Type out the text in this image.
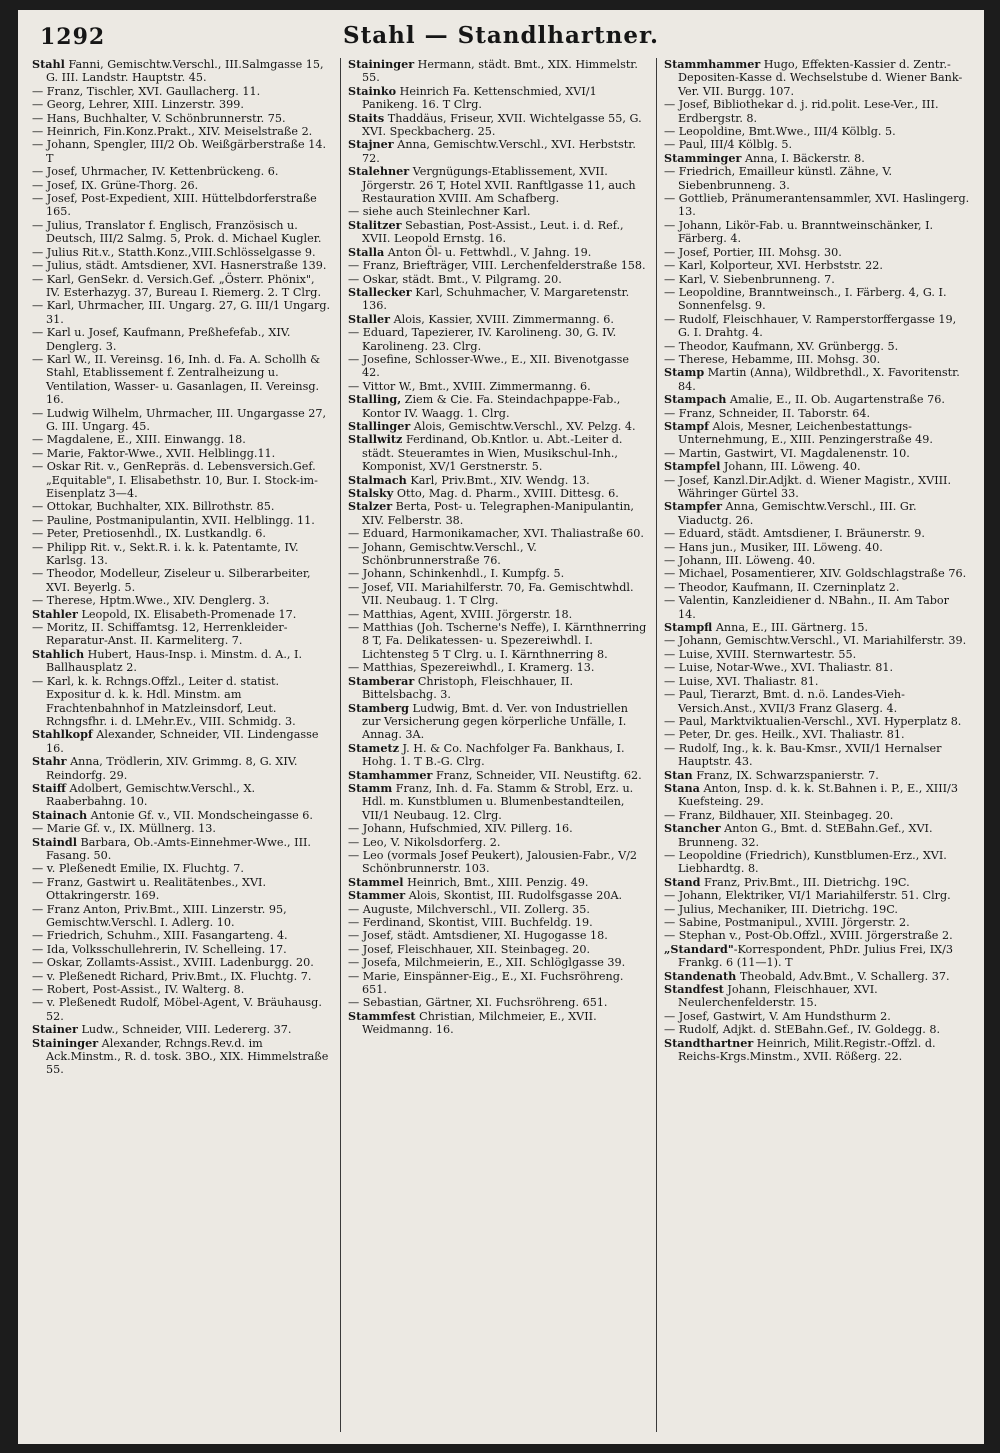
1292	Stahl — Standlhartner.

Stahl Fanni, Gemischtw.Verschl., III.Salmgasse 15, G. III. Landstr. Hauptstr. 45.

— Franz, Tischler, XVI. Gaullacherg. 11.

— Georg, Lehrer, XIII. Linzerstr. 399.

— Hans, Buchhalter, V. Schönbrunnerstr. 75.

— Heinrich, Fin.Konz.Prakt., XIV. Meiselstraße 2.

— Johann, Spengler, III/2 Ob. Weißgärberstraße 14. T

— Josef, Uhrmacher, IV. Kettenbrückeng. 6.

— Josef, IX. Grüne-Thorg. 26.

— Josef, Post-Expedient, XIII. Hüttelbdorferstraße 165.

— Julius, Translator f. Englisch, Französisch u. Deutsch, III/2 Salmg. 5, Prok. d. Michael Kugler.

— Julius Rit.v., Statth.Konz.,VIII.Schlösselgasse 9.

— Julius, städt. Amtsdiener, XVI. Hasnerstraße 139.

— Karl, GenSekr. d. Versich.Gef. „Österr. Phönix", IV. Esterhazyg. 37, Bureau I. Riemerg. 2. T Clrg.

— Karl, Uhrmacher, III. Ungarg. 27, G. III/1 Ungarg. 31.

— Karl u. Josef, Kaufmann, Preßhefefab., XIV. Denglerg. 3.

— Karl W., II. Vereinsg. 16, Inh. d. Fa. A. Schollh & Stahl, Etablissement f. Zentralheizung u. Ventilation, Wasser- u. Gasanlagen, II. Vereinsg. 16.

— Ludwig Wilhelm, Uhrmacher, III. Ungargasse 27, G. III. Ungarg. 45.

— Magdalene, E., XIII. Einwangg. 18.

— Marie, Faktor-Wwe., XVII. Helblingg.11.

— Oskar Rit. v., GenRepräs. d. Lebensversich.Gef. „Equitable", I. Elisabethstr. 10, Bur. I. Stock-im-Eisenplatz 3—4.

— Ottokar, Buchhalter, XIX. Billrothstr. 85.

— Pauline, Postmanipulantin, XVII. Helblingg. 11.

— Peter, Pretiosenhdl., IX. Lustkandlg. 6.

— Philipp Rit. v., Sekt.R. i. k. k. Patentamte, IV. Karlsg. 13.

— Theodor, Modelleur, Ziseleur u. Silberarbeiter, XVI. Beyerlg. 5.

— Therese, Hptm.Wwe., XIV. Denglerg. 3.

Stahler Leopold, IX. Elisabeth-Promenade 17.

— Moritz, II. Schiffamtsg. 12, Herrenkleider-Reparatur-Anst. II. Karmeliterg. 7.

Stahlich Hubert, Haus-Insp. i. Minstm. d. A., I. Ballhausplatz 2.

— Karl, k. k. Rchngs.Offzl., Leiter d. statist. Expositur d. k. k. Hdl. Minstm. am Frachtenbahnhof in Matzleinsdorf, Leut. Rchngsfhr. i. d. LMehr.Ev., VIII. Schmidg. 3.

Stahlkopf Alexander, Schneider, VII. Lindengasse 16.

Stahr Anna, Trödlerin, XIV. Grimmg. 8, G. XIV. Reindorfg. 29.

Staiff Adolbert, Gemischtw.Verschl., X. Raaberbahng. 10.

Stainach Antonie Gf. v., VII. Mondscheingasse 6.

— Marie Gf. v., IX. Müllnerg. 13.

Staindl Barbara, Ob.-Amts-Einnehmer-Wwe., III. Fasang. 50.

— v. Pleßenedt Emilie, IX. Fluchtg. 7.

— Franz, Gastwirt u. Realitätenbes., XVI. Ottakringerstr. 169.

— Franz Anton, Priv.Bmt., XIII. Linzerstr. 95, Gemischtw.Verschl. I. Adlerg. 10.

— Friedrich, Schuhm., XIII. Fasangarteng. 4.

— Ida, Volksschullehrerin, IV. Schelleing. 17.

— Oskar, Zollamts-Assist., XVIII. Ladenburgg. 20.

— v. Pleßenedt Richard, Priv.Bmt., IX. Fluchtg. 7.

— Robert, Post-Assist., IV. Walterg. 8.

— v. Pleßenedt Rudolf, Möbel-Agent, V. Bräuhausg. 52.

Stainer Ludw., Schneider, VIII. Ledererg. 37.

Staininger Alexander, Rchngs.Rev.d. im Ack.Minstm., R. d. tosk. 3BO., XIX. Himmelstraße 55.

Staininger Hermann, städt. Bmt., XIX. Himmelstr. 55.

Stainko Heinrich Fa. Kettenschmied, XVI/1 Panikeng. 16. T Clrg.

Staits Thaddäus, Friseur, XVII. Wichtelgasse 55, G. XVI. Speckbacherg. 25.

Stajner Anna, Gemischtw.Verschl., XVI. Herbststr. 72.

Stalehner Vergnügungs-Etablissement, XVII. Jörgerstr. 26 T, Hotel XVII. Ranftlgasse 11, auch Restauration XVIII. Am Schafberg.

— siehe auch Steinlechner Karl.

Stalitzer Sebastian, Post-Assist., Leut. i. d. Ref., XVII. Leopold Ernstg. 16.

Stalla Anton Öl- u. Fettwhdl., V. Jahng. 19.

— Franz, Briefträger, VIII. Lerchenfelderstraße 158.

— Oskar, städt. Bmt., V. Pilgramg. 20.

Stallecker Karl, Schuhmacher, V. Margaretenstr. 136.

Staller Alois, Kassier, XVIII. Zimmermanng. 6.

— Eduard, Tapezierer, IV. Karolineng. 30, G. IV. Karolineng. 23. Clrg.

— Josefine, Schlosser-Wwe., E., XII. Bivenotgasse 42.

— Vittor W., Bmt., XVIII. Zimmermanng. 6.

Stalling, Ziem & Cie. Fa. Steindachpappe-Fab., Kontor IV. Waagg. 1. Clrg.

Stallinger Alois, Gemischtw.Verschl., XV. Pelzg. 4.

Stallwitz Ferdinand, Ob.Kntlor. u. Abt.-Leiter d. städt. Steueramtes in Wien, Musikschul-Inh., Komponist, XV/1 Gerstnerstr. 5.

Stalmach Karl, Priv.Bmt., XIV. Wendg. 13.

Stalsky Otto, Mag. d. Pharm., XVIII. Dittesg. 6.

Stalzer Berta, Post- u. Telegraphen-Manipulantin, XIV. Felberstr. 38.

— Eduard, Harmonikamacher, XVI. Thaliastraße 60.

— Johann, Gemischtw.Verschl., V. Schönbrunnerstraße 76.

— Johann, Schinkenhdl., I. Kumpfg. 5.

— Josef, VII. Mariahilferstr. 70, Fa. Gemischtwhdl. VII. Neubaug. 1. T Clrg.

— Matthias, Agent, XVIII. Jörgerstr. 18.

— Matthias (Joh. Tscherne's Neffe), I. Kärnthnerring 8 T, Fa. Delikatessen- u. Spezereiwhdl. I. Lichtensteg 5 T Clrg. u. I. Kärnthnerring 8.

— Matthias, Spezereiwhdl., I. Kramerg. 13.

Stamberar Christoph, Fleischhauer, II. Bittelsbachg. 3.

Stamberg Ludwig, Bmt. d. Ver. von Industriellen zur Versicherung gegen körperliche Unfälle, I. Annag. 3A.

Stametz J. H. & Co. Nachfolger Fa. Bankhaus, I. Hohg. 1. T B.-G. Clrg.

Stamhammer Franz, Schneider, VII. Neustiftg. 62.

Stamm Franz, Inh. d. Fa. Stamm & Strobl, Erz. u. Hdl. m. Kunstblumen u. Blumenbestandteilen, VII/1 Neubaug. 12. Clrg.

— Johann, Hufschmied, XIV. Pillerg. 16.

— Leo, V. Nikolsdorferg. 2.

— Leo (vormals Josef Peukert), Jalousien-Fabr., V/2 Schönbrunnerstr. 103.

Stammel Heinrich, Bmt., XIII. Penzig. 49.

Stammer Alois, Skontist, III. Rudolfsgasse 20A.

— Auguste, Milchverschl., VII. Zollerg. 35.

— Ferdinand, Skontist, VIII. Buchfeldg. 19.

— Josef, städt. Amtsdiener, XI. Hugogasse 18.

— Josef, Fleischhauer, XII. Steinbageg. 20.

— Josefa, Milchmeierin, E., XII. Schlöglgasse 39.

— Marie, Einspänner-Eig., E., XI. Fuchsröhreng. 651.

— Sebastian, Gärtner, XI. Fuchsröhreng. 651.

Stammfest Christian, Milchmeier, E., XVII. Weidmanng. 16.

Stammhammer Hugo, Effekten-Kassier d. Zentr.-Depositen-Kasse d. Wechselstube d. Wiener Bank-Ver. VII. Burgg. 107.

— Josef, Bibliothekar d. j. rid.polit. Lese-Ver., III. Erdbergstr. 8.

— Leopoldine, Bmt.Wwe., III/4 Kölblg. 5.

— Paul, III/4 Kölblg. 5.

Stamminger Anna, I. Bäckerstr. 8.

— Friedrich, Emailleur künstl. Zähne, V. Siebenbrunneng. 3.

— Gottlieb, Pränumerantensammler, XVI. Haslingerg. 13.

— Johann, Likör-Fab. u. Branntweinschänker, I. Färberg. 4.

— Josef, Portier, III. Mohsg. 30.

— Karl, Kolporteur, XVI. Herbststr. 22.

— Karl, V. Siebenbrunneng. 7.

— Leopoldine, Branntweinsch., I. Färberg. 4, G. I. Sonnenfelsg. 9.

— Rudolf, Fleischhauer, V. Ramperstorffergasse 19, G. I. Drahtg. 4.

— Theodor, Kaufmann, XV. Grünbergg. 5.

— Therese, Hebamme, III. Mohsg. 30.

Stamp Martin (Anna), Wildbrethdl., X. Favoritenstr. 84.

Stampach Amalie, E., II. Ob. Augartenstraße 76.

— Franz, Schneider, II. Taborstr. 64.

Stampf Alois, Mesner, Leichenbestattungs-Unternehmung, E., XIII. Penzingerstraße 49.

— Martin, Gastwirt, VI. Magdalenenstr. 10.

Stampfel Johann, III. Löweng. 40.

— Josef, Kanzl.Dir.Adjkt. d. Wiener Magistr., XVIII. Währinger Gürtel 33.

Stampfer Anna, Gemischtw.Verschl., III. Gr. Viaductg. 26.

— Eduard, städt. Amtsdiener, I. Bräunerstr. 9.

— Hans jun., Musiker, III. Löweng. 40.

— Johann, III. Löweng. 40.

— Michael, Posamentierer, XIV. Goldschlagstraße 76.

— Theodor, Kaufmann, II. Czerninplatz 2.

— Valentin, Kanzleidiener d. NBahn., II. Am Tabor 14.

Stampfl Anna, E., III. Gärtnerg. 15.

— Johann, Gemischtw.Verschl., VI. Mariahilferstr. 39.

— Luise, XVIII. Sternwartestr. 55.

— Luise, Notar-Wwe., XVI. Thaliastr. 81.

— Luise, XVI. Thaliastr. 81.

— Paul, Tierarzt, Bmt. d. n.ö. Landes-Vieh-Versich.Anst., XVII/3 Franz Glaserg. 4.

— Paul, Marktviktualien-Verschl., XVI. Hyperplatz 8.

— Peter, Dr. ges. Heilk., XVI. Thaliastr. 81.

— Rudolf, Ing., k. k. Bau-Kmsr., XVII/1 Hernalser Hauptstr. 43.

Stan Franz, IX. Schwarzspanierstr. 7.

Stana Anton, Insp. d. k. k. St.Bahnen i. P., E., XIII/3 Kuefsteing. 29.

— Franz, Bildhauer, XII. Steinbageg. 20.

Stancher Anton G., Bmt. d. StEBahn.Gef., XVI. Brunneng. 32.

— Leopoldine (Friedrich), Kunstblumen-Erz., XVI. Liebhardtg. 8.

Stand Franz, Priv.Bmt., III. Dietrichg. 19C.

— Johann, Elektriker, VI/1 Mariahilferstr. 51. Clrg.

— Julius, Mechaniker, III. Dietrichg. 19C.

— Sabine, Postmanipul., XVIII. Jörgerstr. 2.

— Stephan v., Post-Ob.Offzl., XVIII. Jörgerstraße 2.

„Standard"-Korrespondent, PhDr. Julius Frei, IX/3 Frankg. 6 (11—1). T

Standenath Theobald, Adv.Bmt., V. Schallerg. 37.

Standfest Johann, Fleischhauer, XVI. Neulerchenfelderstr. 15.

— Josef, Gastwirt, V. Am Hundsthurm 2.

— Rudolf, Adjkt. d. StEBahn.Gef., IV. Goldegg. 8.

Standthartner Heinrich, Milit.Registr.-Offzl. d. Reichs-Krgs.Minstm., XVII. Rößerg. 22.
